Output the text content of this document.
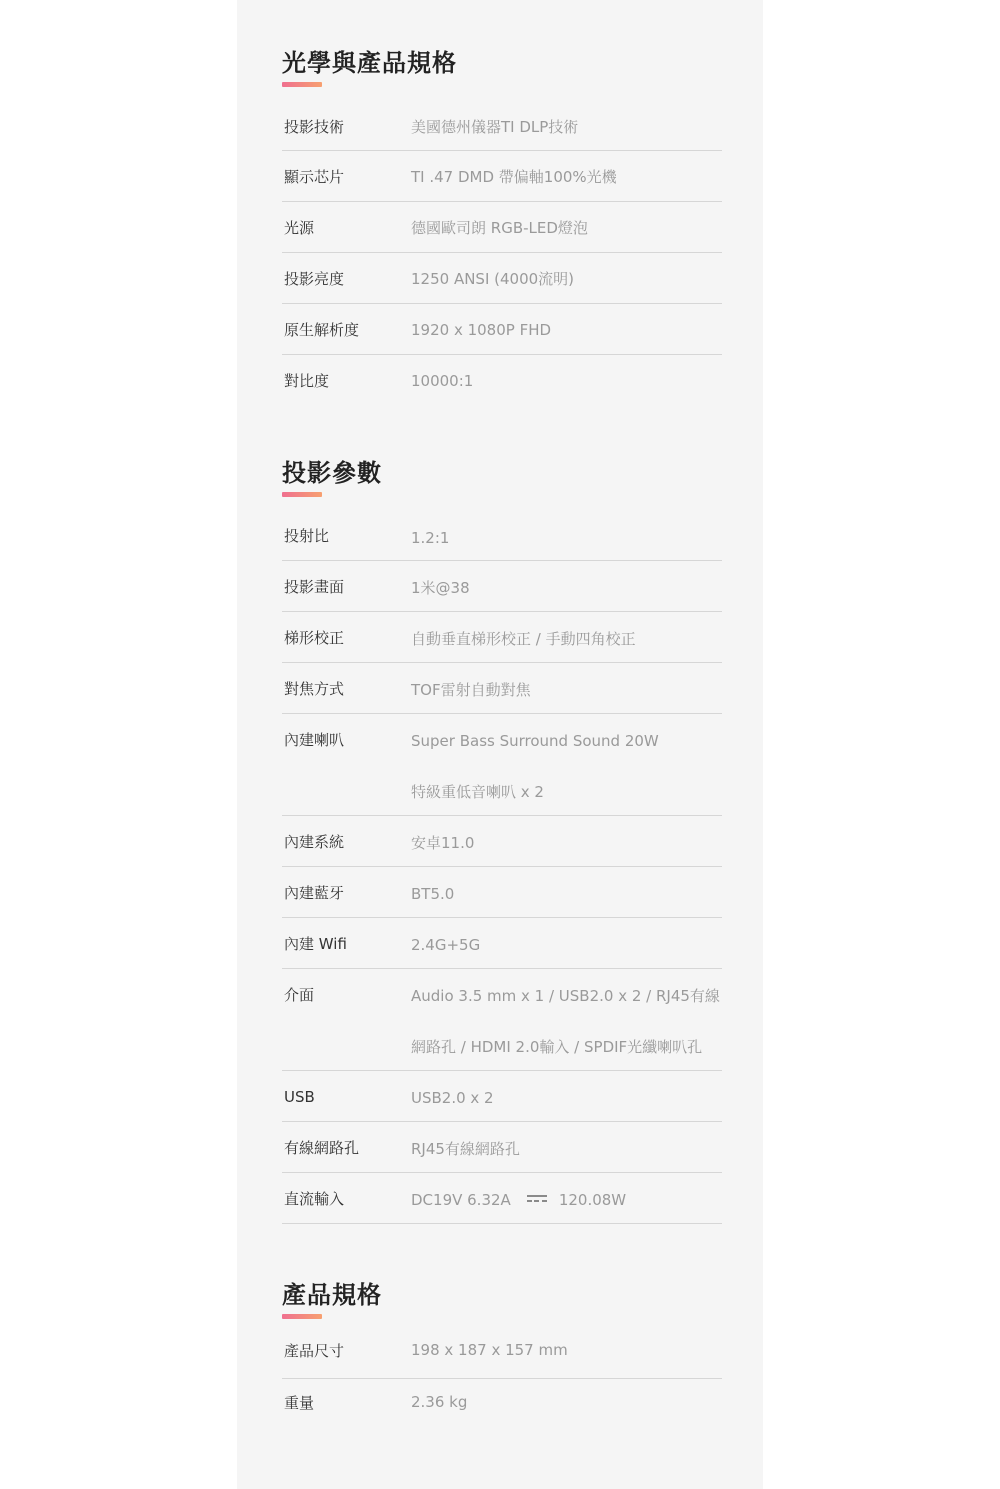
光學與產品規格
投影技術	美國德州儀器TI DLP技術
顯示芯片	TI .47 DMD 帶偏軸100%光機
光源	德國歐司朗 RGB-LED燈泡
投影亮度	1250 ANSI (4000流明)
原生解析度	1920 x 1080P FHD
對比度	10000:1
投影參數
投射比	1.2:1
投影畫面	1米@38
梯形校正	自動垂直梯形校正 / 手動四角校正
對焦方式	TOF雷射自動對焦
內建喇叭	Super Bass Surround Sound 20W
特級重低音喇叭 x 2
內建系統	安卓11.0
內建藍牙	BT5.0
內建 Wifi	2.4G+5G
介面	Audio 3.5 mm x 1 / USB2.0 x 2 / RJ45有線
網路孔 / HDMI 2.0輸入 / SPDIF光纖喇叭孔
USB	USB2.0 x 2
有線網路孔	RJ45有線網路孔
直流輸入	DC19V 6.32A	120.08W
產品規格
產品尺寸	198 x 187 x 157 mm
重量	2.36 kg
